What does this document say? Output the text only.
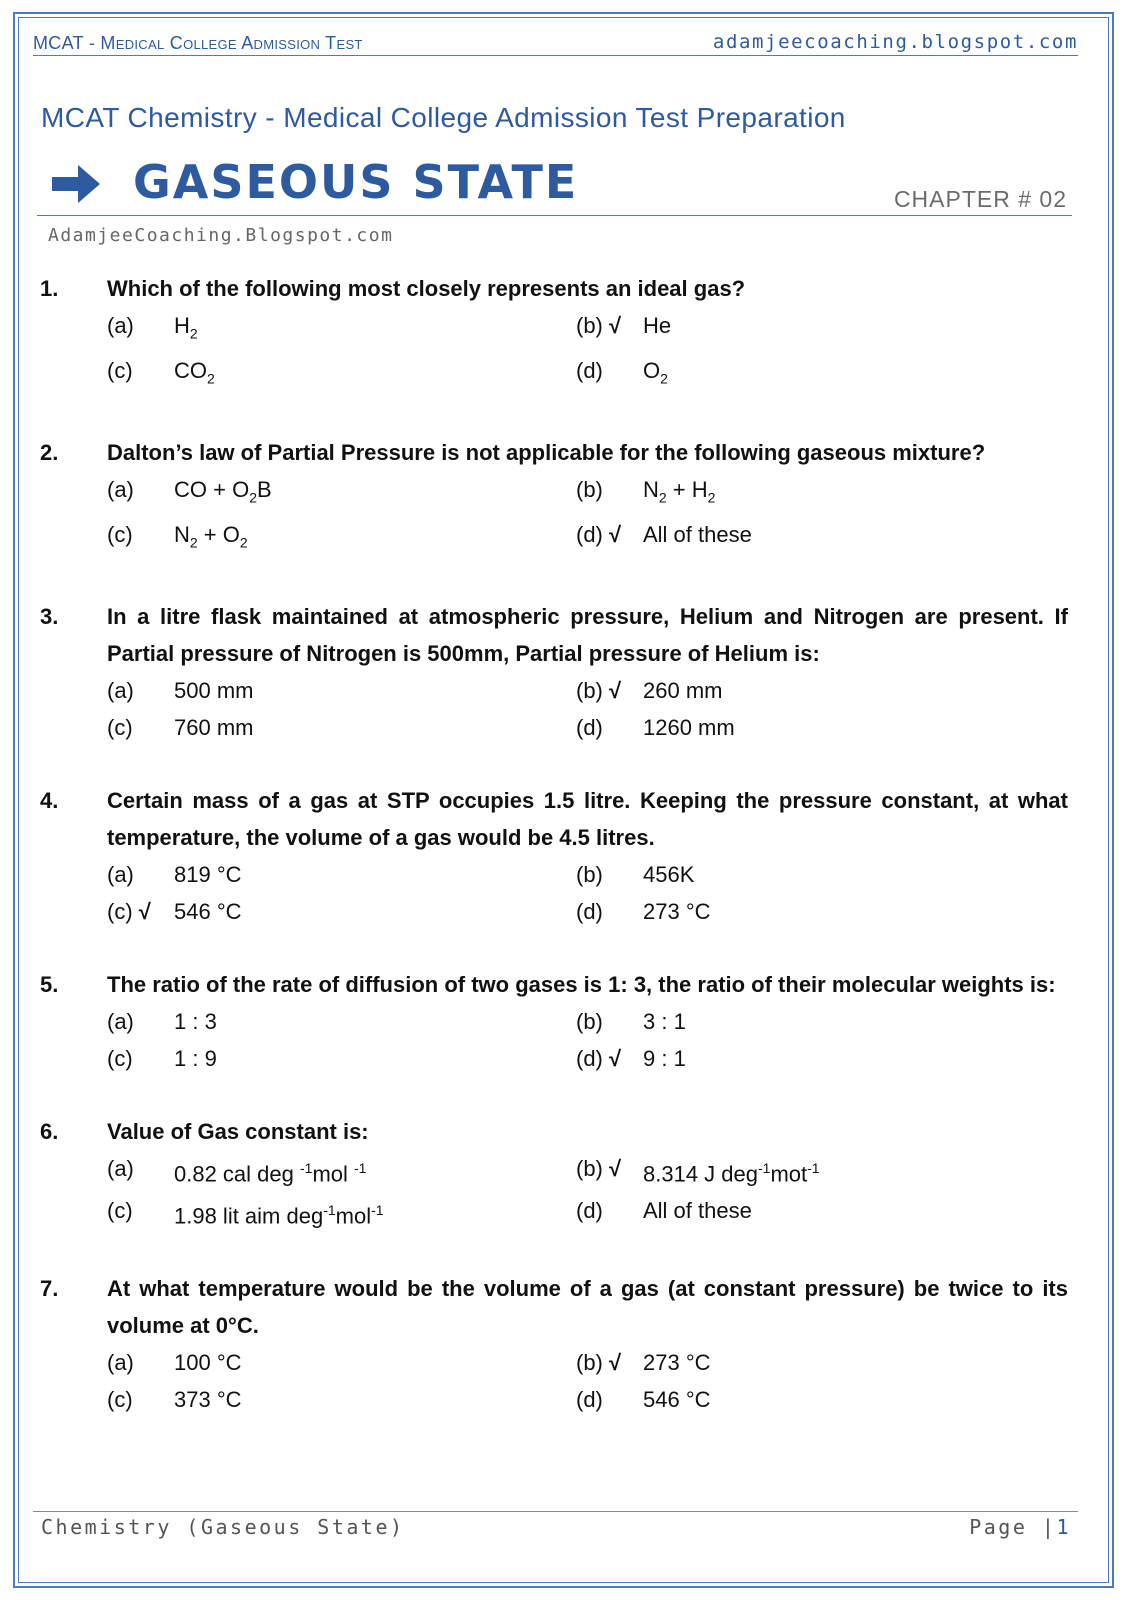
MCAT - Medical College Admission Test	adamjeecoaching.blogspot.com
MCAT Chemistry - Medical College Admission Test Preparation
GASEOUS STATE	CHAPTER # 02
AdamjeeCoaching.Blogspot.com
1.	Which of the following most closely represents an ideal gas?
(a)	$H_2$	(b) √ He
(c)	$CO_2$	(d)	$O_2$
2.	Dalton’s law of Partial Pressure is not applicable for the following gaseous mixture?
(a)	CO + $O_2B$	(b)	$N_2 + H_2$
(c)	$N_2 + O_2$	(d) √ All of these
3.	In a litre flask maintained at atmospheric pressure, Helium and Nitrogen are present. If Partial pressure of Nitrogen is 500mm, Partial pressure of Helium is:
(a)	500 mm	(b) √ 260 mm
(c)	760 mm	(d)	1260 mm
4.	Certain mass of a gas at STP occupies 1.5 litre. Keeping the pressure constant, at what temperature, the volume of a gas would be 4.5 litres.
(a)	819 °C	(b)	456K
(c) √	546 °C	(d)	273 °C
5.	The ratio of the rate of diffusion of two gases is 1: 3, the ratio of their molecular weights is:
(a)	1 : 3	(b)	3 : 1
(c)	1 : 9	(d) √ 9 : 1
6.	Value of Gas constant is:
(a)	0.82 cal deg $^{-1}$mol $^{-1}$	(b) √ 8.314 J deg$^{-1}$mot$^{-1}$
(c)	1.98 lit aim deg$^{-1}$mol$^{-1}$	(d)	All of these
7.	At what temperature would be the volume of a gas (at constant pressure) be twice to its volume at 0°C.
(a)	100 °C	(b) √ 273 °C
(c)	373 °C	(d)	546 °C
Chemistry (Gaseous State)	Page |1
